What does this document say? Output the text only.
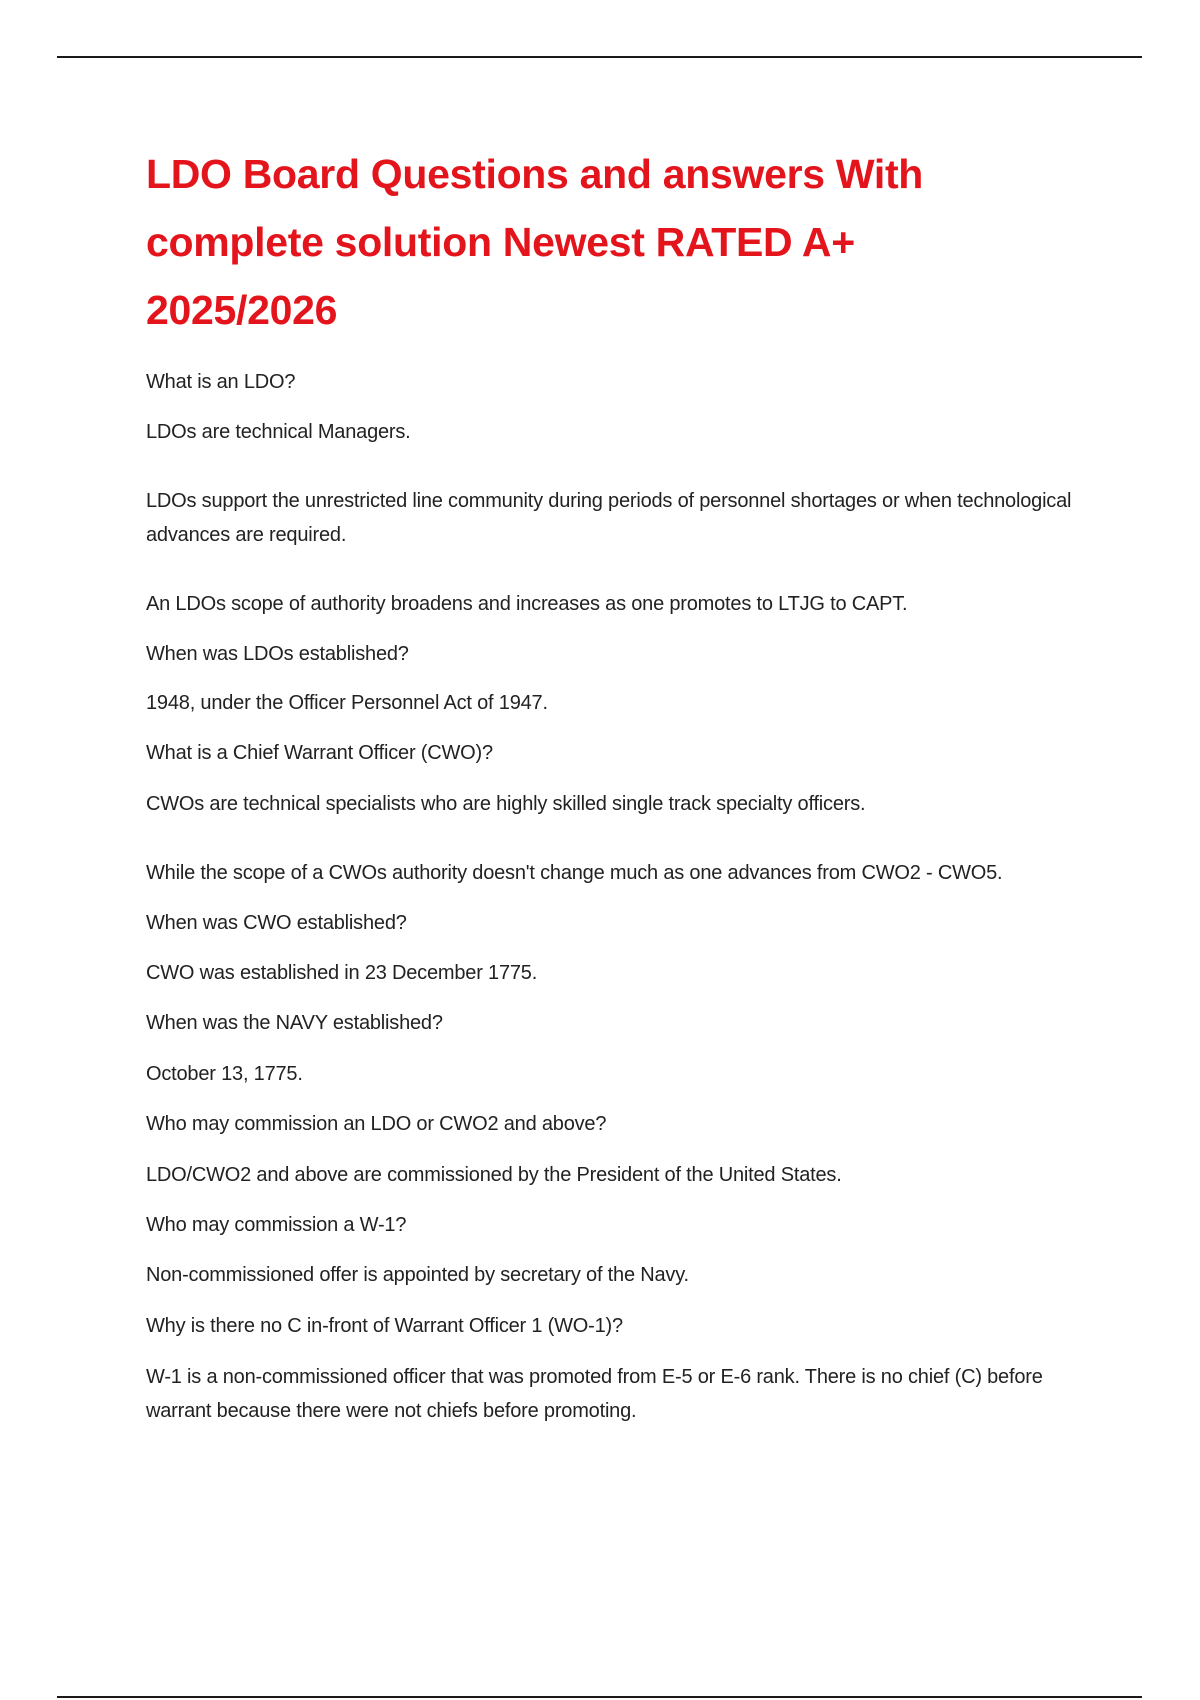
LDO Board Questions and answers With complete solution Newest RATED A+ 2025/2026

What is an LDO?

LDOs are technical Managers.

LDOs support the unrestricted line community during periods of personnel shortages or when technological advances are required.

An LDOs scope of authority broadens and increases as one promotes to LTJG to CAPT.

When was LDOs established?

1948, under the Officer Personnel Act of 1947.

What is a Chief Warrant Officer (CWO)?

CWOs are technical specialists who are highly skilled single track specialty officers.

While the scope of a CWOs authority doesn't change much as one advances from CWO2 - CWO5.

When was CWO established?

CWO was established in 23 December 1775.

When was the NAVY established?

October 13, 1775.

Who may commission an LDO or CWO2 and above?

LDO/CWO2 and above are commissioned by the President of the United States.

Who may commission a W-1?

Non-commissioned offer is appointed by secretary of the Navy.

Why is there no C in-front of Warrant Officer 1 (WO-1)?

W-1 is a non-commissioned officer that was promoted from E-5 or E-6 rank. There is no chief (C) before warrant because there were not chiefs before promoting.
